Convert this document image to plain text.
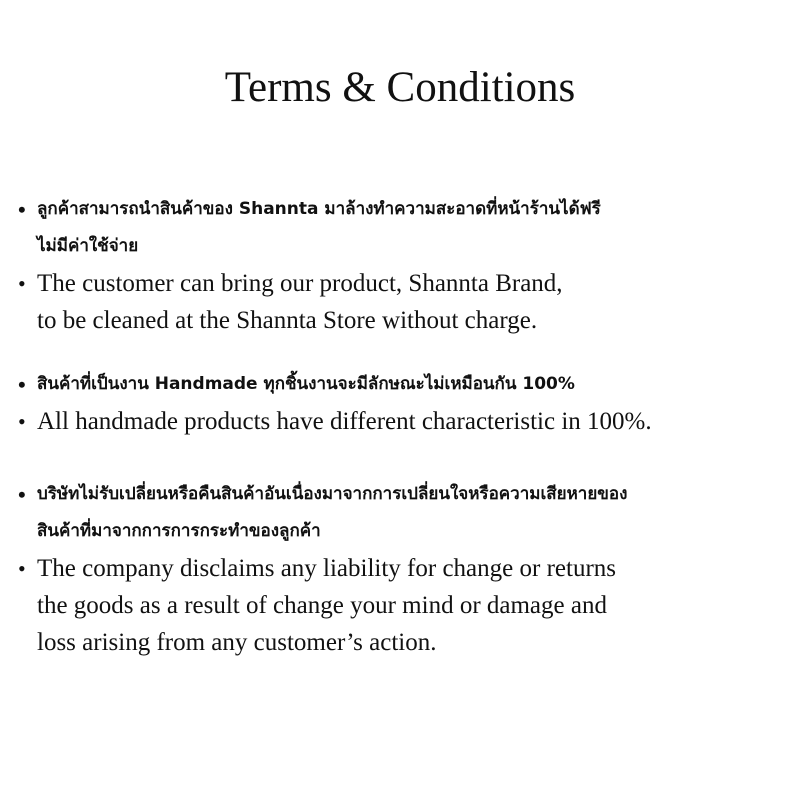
Terms & Conditions
• ลูกค้าสามารถนำสินค้าของ Shannta มาล้างทำความสะอาดที่หน้าร้านได้ฟรี
ไม่มีค่าใช้จ่าย
• The customer can bring our product, Shannta Brand,
to be cleaned at the Shannta Store without charge.
• สินค้าที่เป็นงาน Handmade ทุกชิ้นงานจะมีลักษณะไม่เหมือนกัน 100%
• All handmade products have different characteristic in 100%.
• บริษัทไม่รับเปลี่ยนหรือคืนสินค้าอันเนื่องมาจากการเปลี่ยนใจหรือความเสียหายของ
สินค้าที่มาจากการการกระทำของลูกค้า
• The company disclaims any liability for change or returns
the goods as a result of change your mind or damage and
loss arising from any customer’s action.
